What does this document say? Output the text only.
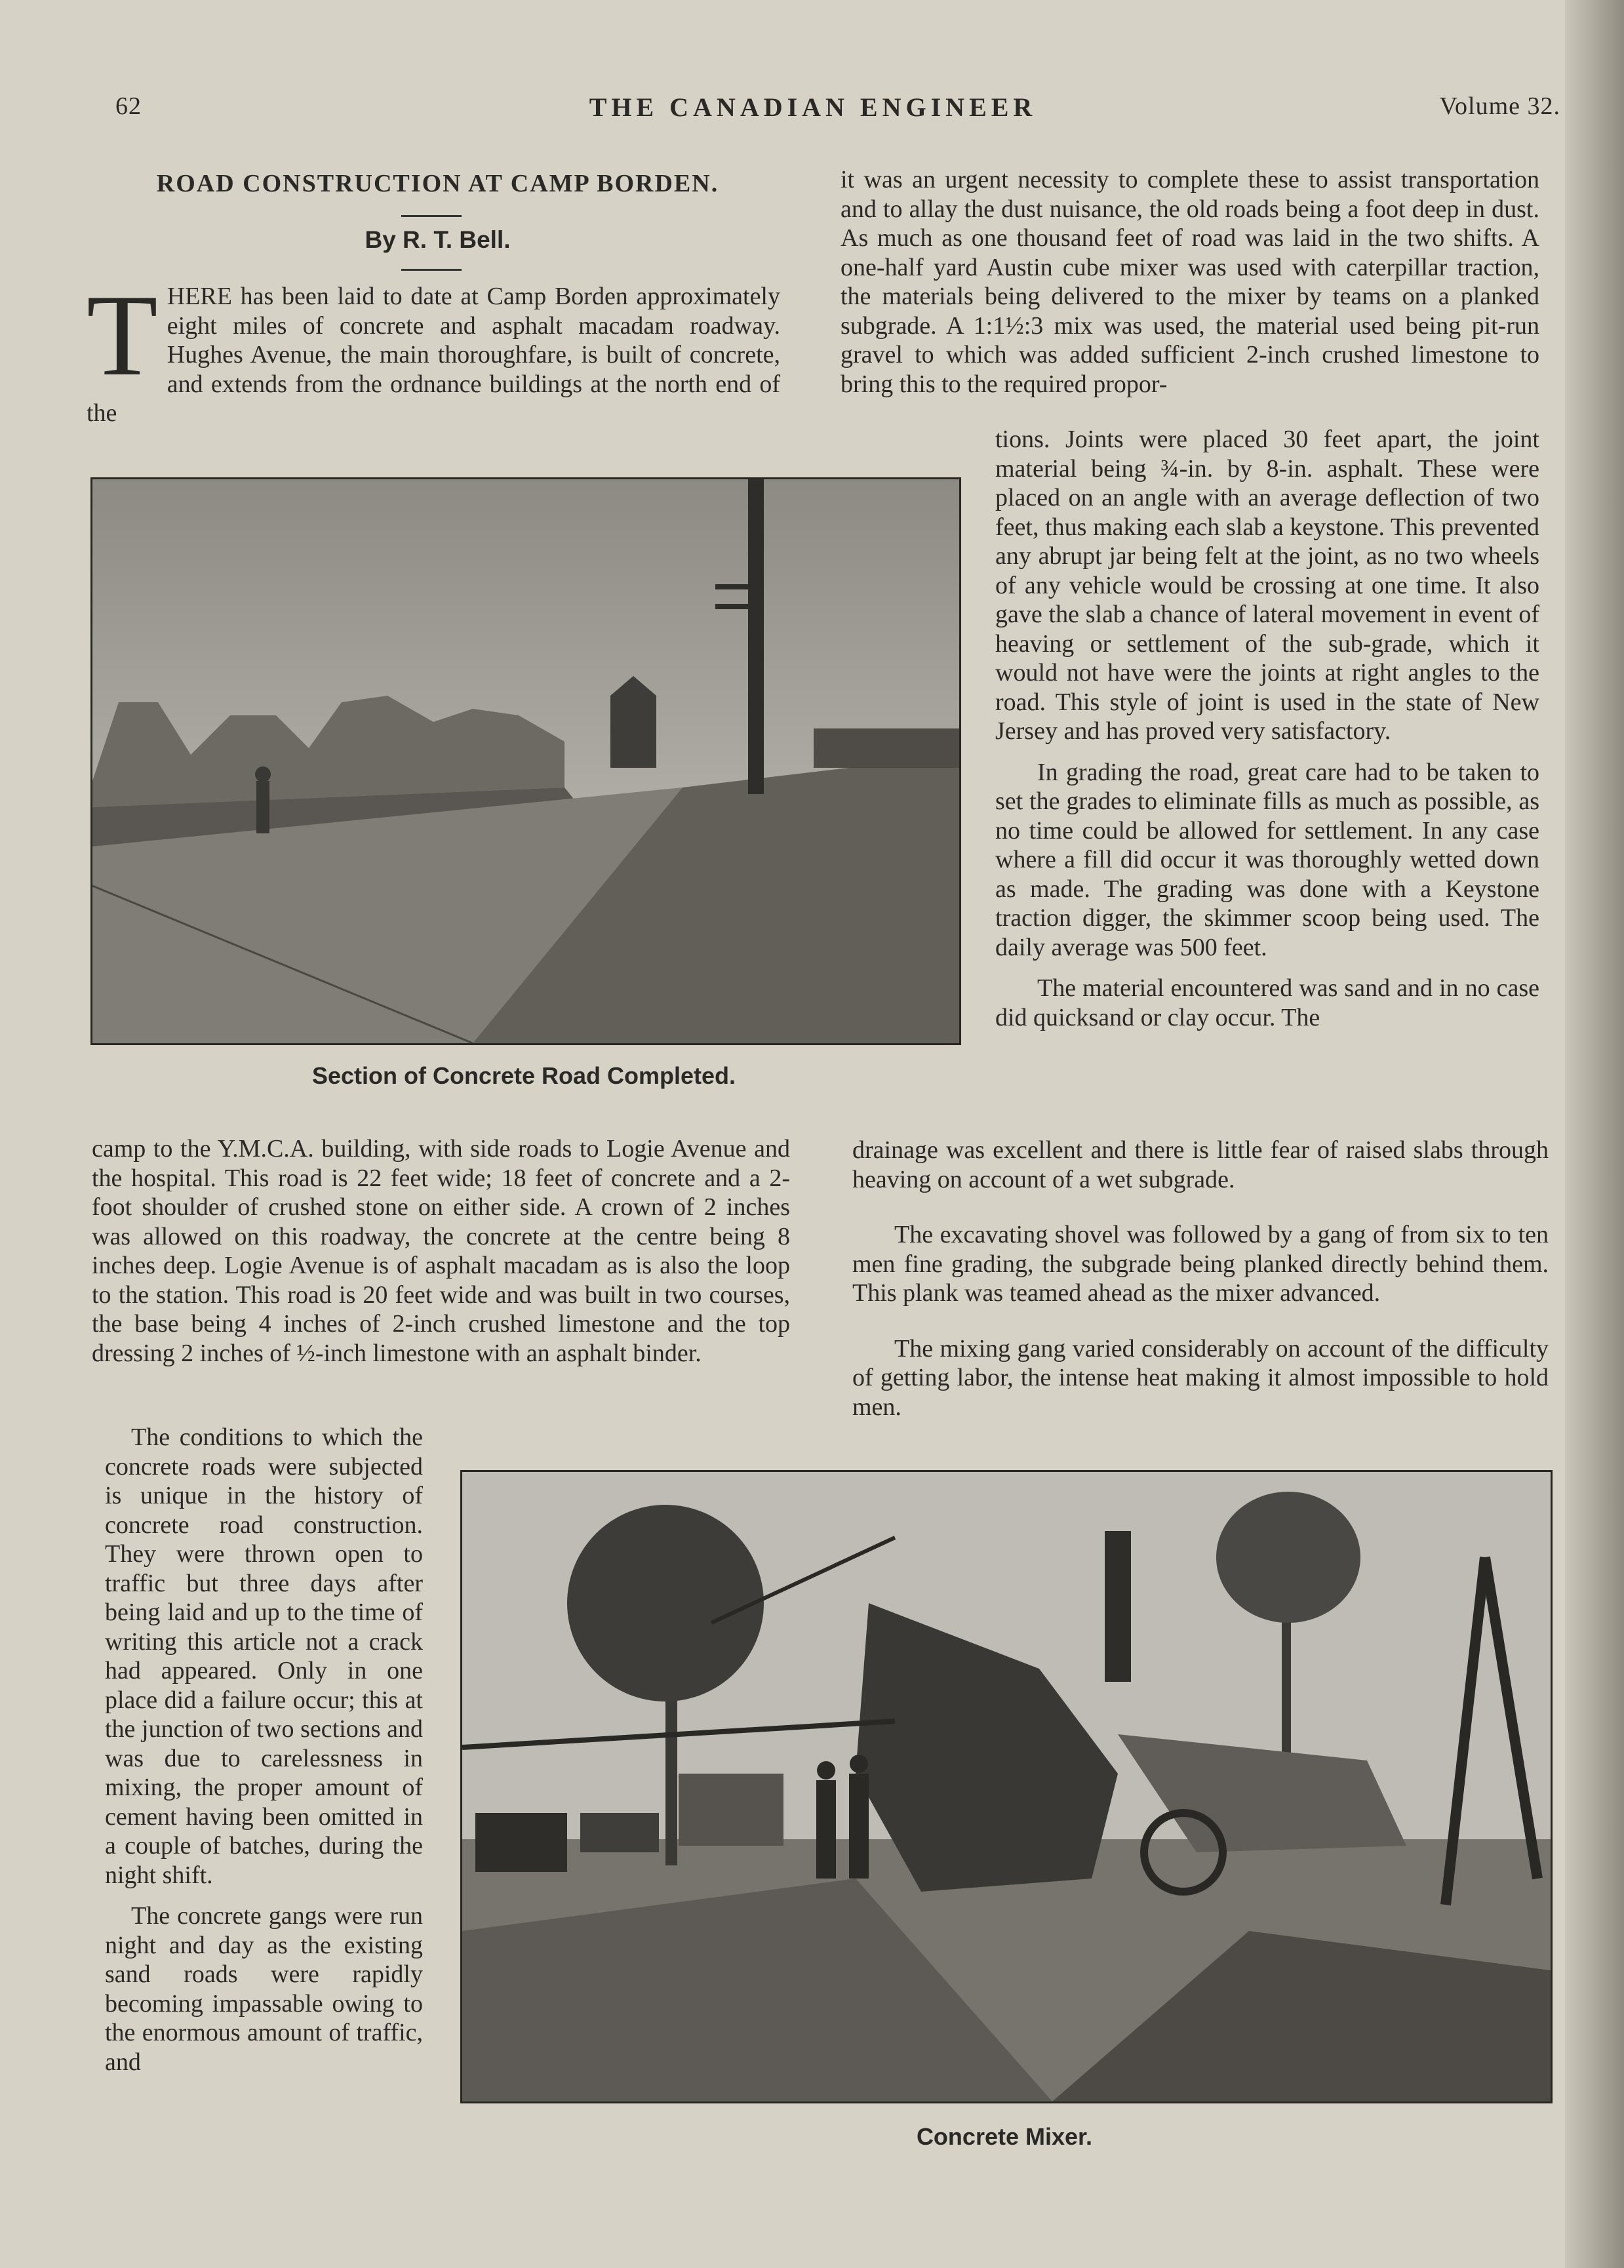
62	THE CANADIAN ENGINEER	Volume 32.
ROAD CONSTRUCTION AT CAMP BORDEN.
By R. T. Bell.

THERE has been laid to date at Camp Borden approximately eight miles of concrete and asphalt macadam roadway. Hughes Avenue, the main thoroughfare, is built of concrete, and extends from the ordnance buildings at the north end of the

Section of Concrete Road Completed.

camp to the Y.M.C.A. building, with side roads to Logie Avenue and the hospital. This road is 22 feet wide; 18 feet of concrete and a 2-foot shoulder of crushed stone on either side. A crown of 2 inches was allowed on this roadway, the concrete at the centre being 8 inches deep. Logie Avenue is of asphalt macadam as is also the loop to the station. This road is 20 feet wide and was built in two courses, the base being 4 inches of 2-inch crushed limestone and the top dressing 2 inches of ½-inch limestone with an asphalt binder.

The conditions to which the concrete roads were subjected is unique in the history of concrete road construction. They were thrown open to traffic but three days after being laid and up to the time of writing this article not a crack had appeared. Only in one place did a failure occur; this at the junction of two sections and was due to carelessness in mixing, the proper amount of cement having been omitted in a couple of batches, during the night shift.

The concrete gangs were run night and day as the existing sand roads were rapidly becoming impassable owing to the enormous amount of traffic, and

it was an urgent necessity to complete these to assist transportation and to allay the dust nuisance, the old roads being a foot deep in dust. As much as one thousand feet of road was laid in the two shifts. A one-half yard Austin cube mixer was used with caterpillar traction, the materials being delivered to the mixer by teams on a planked subgrade. A 1:1½:3 mix was used, the material used being pit-run gravel to which was added sufficient 2-inch crushed limestone to bring this to the required propor-

tions. Joints were placed 30 feet apart, the joint material being ¾-in. by 8-in. asphalt. These were placed on an angle with an average deflection of two feet, thus making each slab a keystone. This prevented any abrupt jar being felt at the joint, as no two wheels of any vehicle would be crossing at one time. It also gave the slab a chance of lateral movement in event of heaving or settlement of the sub-grade, which it would not have were the joints at right angles to the road. This style of joint is used in the state of New Jersey and has proved very satisfactory.

In grading the road, great care had to be taken to set the grades to eliminate fills as much as possible, as no time could be allowed for settlement. In any case where a fill did occur it was thoroughly wetted down as made. The grading was done with a Keystone traction digger, the skimmer scoop being used. The daily average was 500 feet.

The material encountered was sand and in no case did quicksand or clay occur. The

drainage was excellent and there is little fear of raised slabs through heaving on account of a wet subgrade.

The excavating shovel was followed by a gang of from six to ten men fine grading, the subgrade being planked directly behind them. This plank was teamed ahead as the mixer advanced.

The mixing gang varied considerably on account of the difficulty of getting labor, the intense heat making it almost impossible to hold men.

Concrete Mixer.
